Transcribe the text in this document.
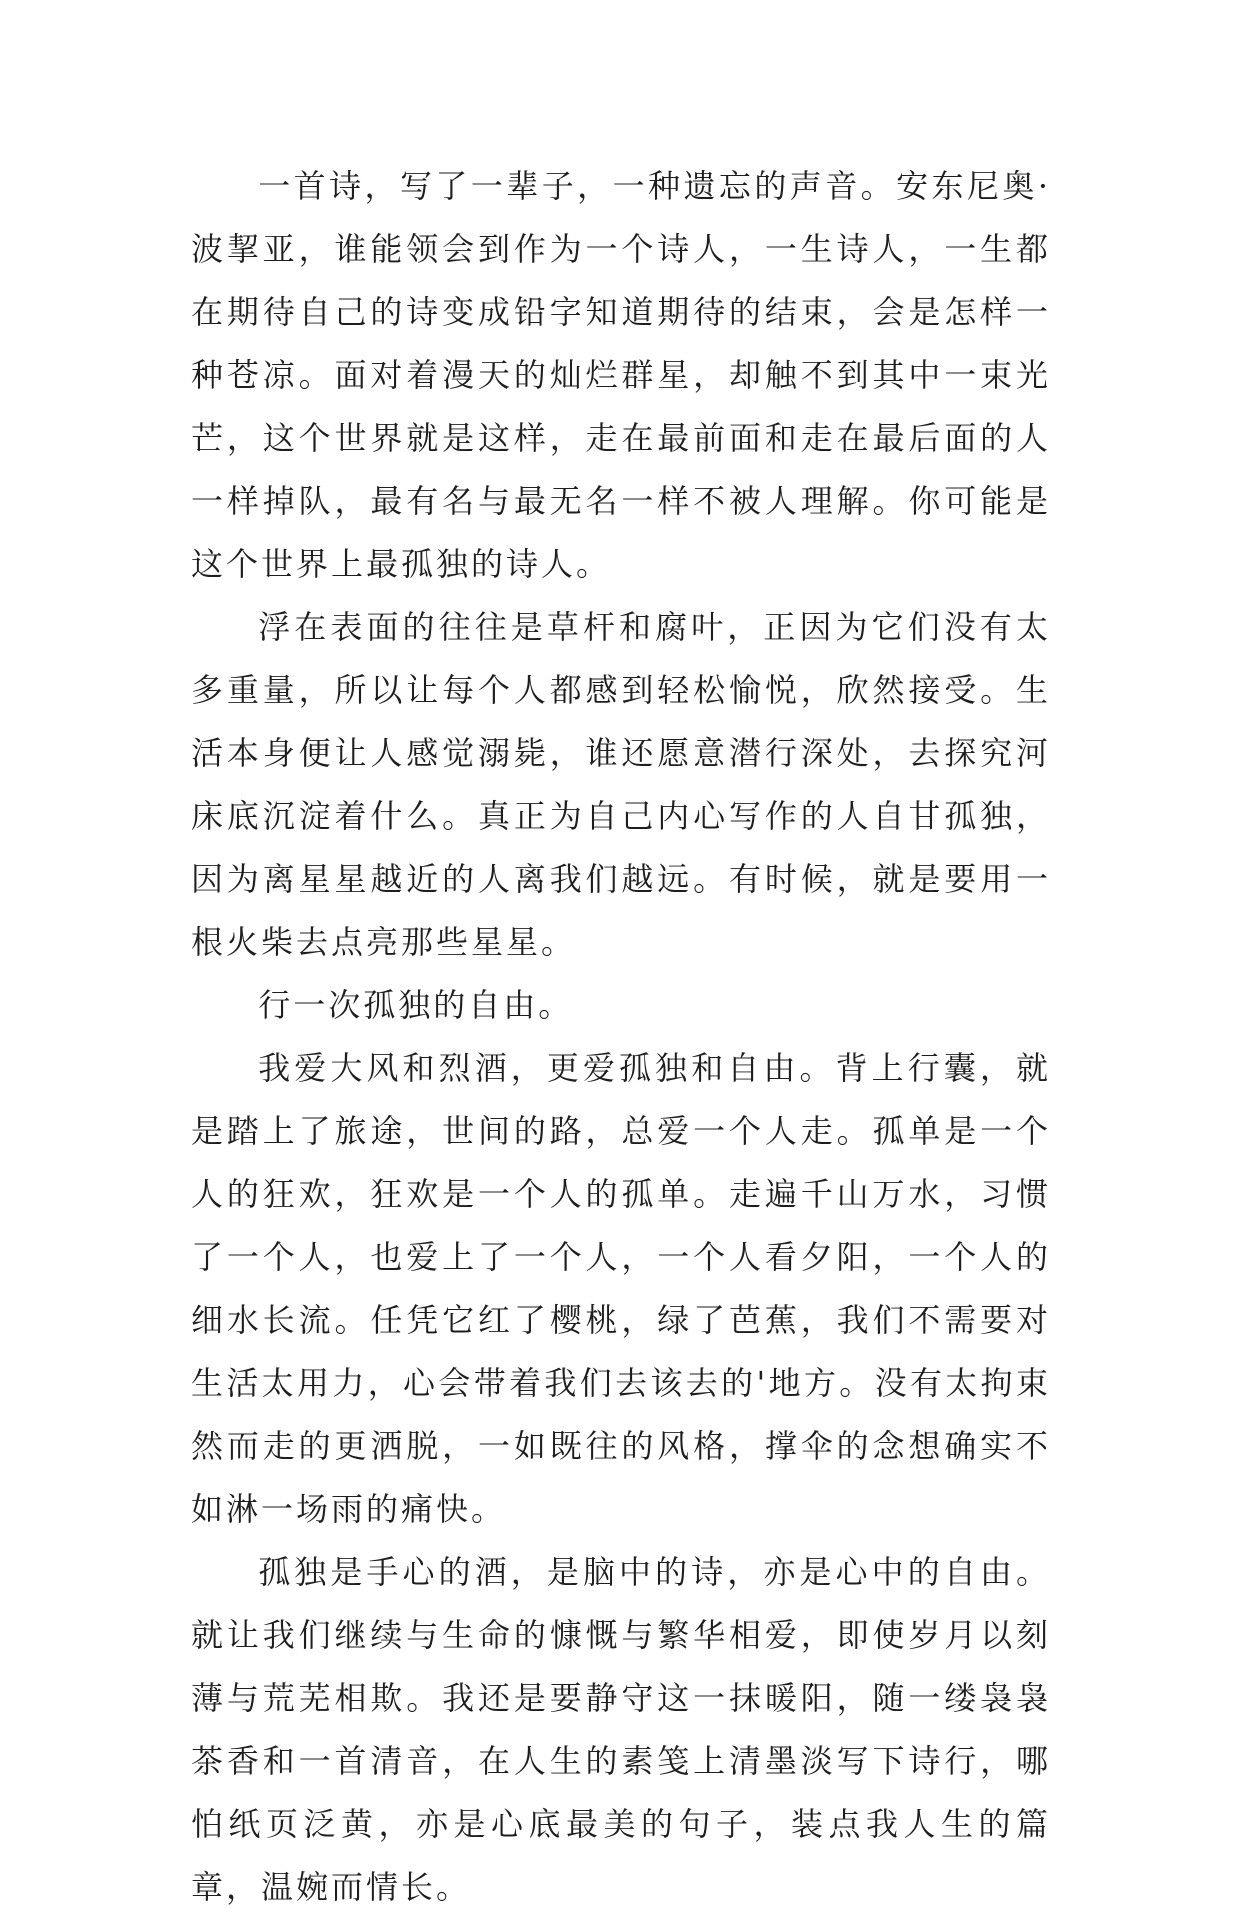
一首诗，写了一辈子，一种遗忘的声音。安东尼奥·波挈亚，谁能领会到作为一个诗人，一生诗人，一生都在期待自己的诗变成铅字知道期待的结束，会是怎样一种苍凉。面对着漫天的灿烂群星，却触不到其中一束光芒，这个世界就是这样，走在最前面和走在最后面的人一样掉队，最有名与最无名一样不被人理解。你可能是这个世界上最孤独的诗人。

浮在表面的往往是草杆和腐叶，正因为它们没有太多重量，所以让每个人都感到轻松愉悦，欣然接受。生活本身便让人感觉溺毙，谁还愿意潜行深处，去探究河床底沉淀着什么。真正为自己内心写作的人自甘孤独，因为离星星越近的人离我们越远。有时候，就是要用一根火柴去点亮那些星星。

行一次孤独的自由。

我爱大风和烈酒，更爱孤独和自由。背上行囊，就是踏上了旅途，世间的路，总爱一个人走。孤单是一个人的狂欢，狂欢是一个人的孤单。走遍千山万水，习惯了一个人，也爱上了一个人，一个人看夕阳，一个人的细水长流。任凭它红了樱桃，绿了芭蕉，我们不需要对生活太用力，心会带着我们去该去的'地方。没有太拘束然而走的更洒脱，一如既往的风格，撑伞的念想确实不如淋一场雨的痛快。

孤独是手心的酒，是脑中的诗，亦是心中的自由。就让我们继续与生命的慷慨与繁华相爱，即使岁月以刻薄与荒芜相欺。我还是要静守这一抹暖阳，随一缕袅袅茶香和一首清音，在人生的素笺上清墨淡写下诗行，哪怕纸页泛黄，亦是心底最美的句子，装点我人生的篇章，温婉而情长。
